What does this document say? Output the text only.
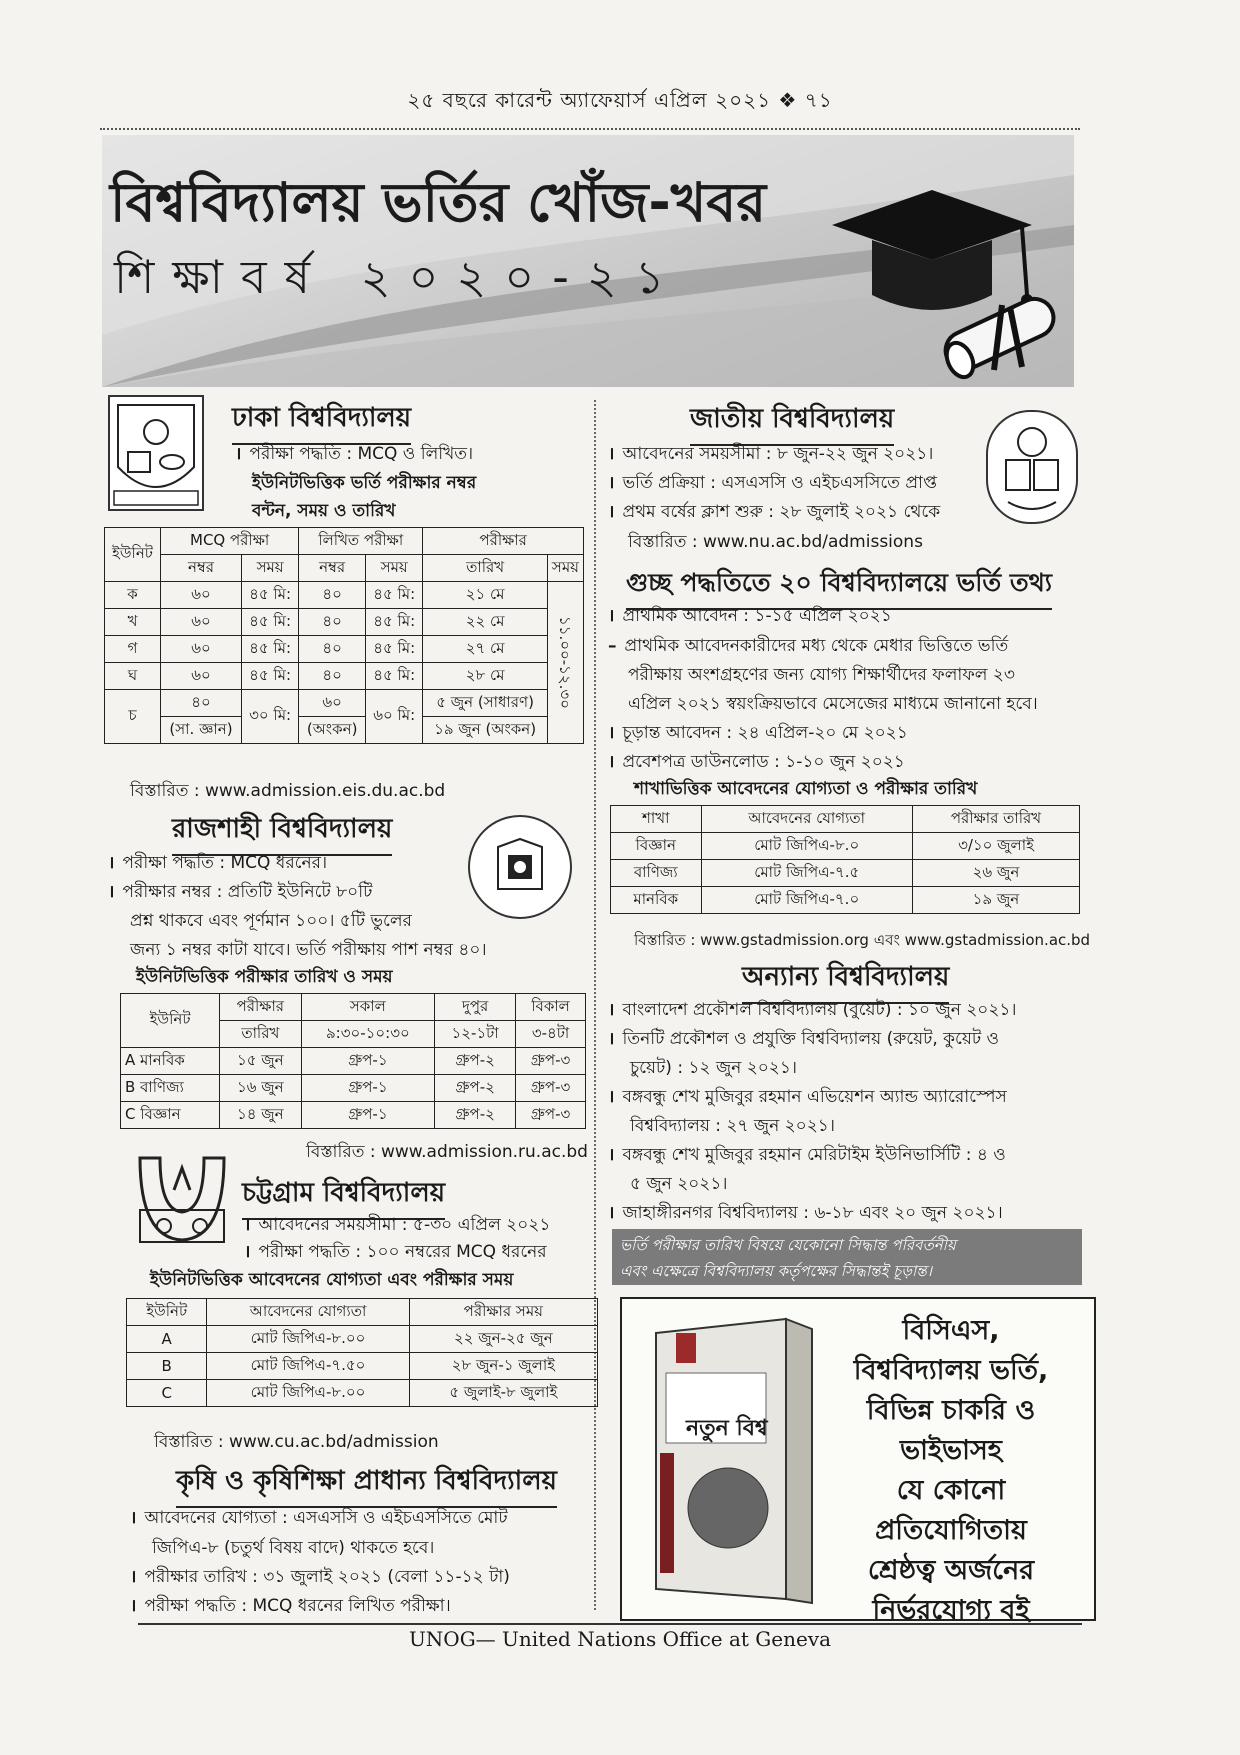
২৫ বছরে কারেন্ট অ্যাফেয়ার্স এপ্রিল ২০২১ ❖ ৭১
বিশ্ববিদ্যালয় ভর্তির খোঁজ-খবর
শিক্ষাবর্ষ ২০২০-২১
ঢাকা বিশ্ববিদ্যালয়
। পরীক্ষা পদ্ধতি : MCQ ও লিখিত।
ইউনিটভিত্তিক ভর্তি পরীক্ষার নম্বর
বন্টন, সময় ও তারিখ
ইউনিট	MCQ পরীক্ষা		লিখিত পরীক্ষা		পরীক্ষার	
	নম্বর	সময়	নম্বর	সময়	তারিখ	সময়
ক	৬০	৪৫ মি:	৪০	৪৫ মি:	২১ মে	১১.০০-১২.৩০

খ	৬০	৪৫ মি:	৪০	৪৫ মি:	২২ মে	
গ	৬০	৪৫ মি:	৪০	৪৫ মি:	২৭ মে	
ঘ	৬০	৪৫ মি:	৪০	৪৫ মি:	২৮ মে	
চ	৪০	৩০ মি:	৬০	৬০ মি:	৫ জুন (সাধারণ)	
	(সা. জ্ঞান)		(অংকন)		১৯ জুন (অংকন)	
বিস্তারিত : www.admission.eis.du.ac.bd
রাজশাহী বিশ্ববিদ্যালয়
। পরীক্ষা পদ্ধতি : MCQ ধরনের।
। পরীক্ষার নম্বর : প্রতিটি ইউনিটে ৮০টি
প্রশ্ন থাকবে এবং পূর্ণমান ১০০। ৫টি ভুলের
জন্য ১ নম্বর কাটা যাবে। ভর্তি পরীক্ষায় পাশ নম্বর ৪০।
ইউনিটভিত্তিক পরীক্ষার তারিখ ও সময়
ইউনিট	পরীক্ষার	সকাল	দুপুর	বিকাল
	তারিখ	৯:৩০-১০:৩০	১২-১টা	৩-৪টা
A মানবিক	১৫ জুন	গ্রুপ-১	গ্রুপ-২	গ্রুপ-৩
B বাণিজ্য	১৬ জুন	গ্রুপ-১	গ্রুপ-২	গ্রুপ-৩
C বিজ্ঞান	১৪ জুন	গ্রুপ-১	গ্রুপ-২	গ্রুপ-৩
বিস্তারিত : www.admission.ru.ac.bd
চট্টগ্রাম বিশ্ববিদ্যালয়
। আবেদনের সময়সীমা : ৫-৩০ এপ্রিল ২০২১
। পরীক্ষা পদ্ধতি : ১০০ নম্বরের MCQ ধরনের
ইউনিটভিত্তিক আবেদনের যোগ্যতা এবং পরীক্ষার সময়
ইউনিট	আবেদনের যোগ্যতা	পরীক্ষার সময়
A	মোট জিপিএ-৮.০০	২২ জুন-২৫ জুন
B	মোট জিপিএ-৭.৫০	২৮ জুন-১ জুলাই
C	মোট জিপিএ-৮.০০	৫ জুলাই-৮ জুলাই
বিস্তারিত : www.cu.ac.bd/admission
কৃষি ও কৃষিশিক্ষা প্রাধান্য বিশ্ববিদ্যালয়
। আবেদনের যোগ্যতা : এসএসসি ও এইচএসসিতে মোট
জিপিএ-৮ (চতুর্থ বিষয় বাদে) থাকতে হবে।
। পরীক্ষার তারিখ : ৩১ জুলাই ২০২১ (বেলা ১১-১২ টা)
। পরীক্ষা পদ্ধতি : MCQ ধরনের লিখিত পরীক্ষা।
জাতীয় বিশ্ববিদ্যালয়
। আবেদনের সময়সীমা : ৮ জুন-২২ জুন ২০২১।
। ভর্তি প্রক্রিয়া : এসএসসি ও এইচএসসিতে প্রাপ্ত
। প্রথম বর্ষের ক্লাশ শুরু : ২৮ জুলাই ২০২১ থেকে
বিস্তারিত : www.nu.ac.bd/admissions
গুচ্ছ পদ্ধতিতে ২০ বিশ্ববিদ্যালয়ে ভর্তি তথ্য
। প্রাথমিক আবেদন : ১-১৫ এপ্রিল ২০২১
– প্রাথমিক আবেদনকারীদের মধ্য থেকে মেধার ভিত্তিতে ভর্তি
পরীক্ষায় অংশগ্রহণের জন্য যোগ্য শিক্ষার্থীদের ফলাফল ২৩
এপ্রিল ২০২১ স্বয়ংক্রিয়ভাবে মেসেজের মাধ্যমে জানানো হবে।
। চূড়ান্ত আবেদন : ২৪ এপ্রিল-২০ মে ২০২১
। প্রবেশপত্র ডাউনলোড : ১-১০ জুন ২০২১
শাখাভিত্তিক আবেদনের যোগ্যতা ও পরীক্ষার তারিখ
শাখা	আবেদনের যোগ্যতা	পরীক্ষার তারিখ
বিজ্ঞান	মোট জিপিএ-৮.০	৩/১০ জুলাই
বাণিজ্য	মোট জিপিএ-৭.৫	২৬ জুন
মানবিক	মোট জিপিএ-৭.০	১৯ জুন
বিস্তারিত : www.gstadmission.org এবং www.gstadmission.ac.bd
অন্যান্য বিশ্ববিদ্যালয়
। বাংলাদেশ প্রকৌশল বিশ্ববিদ্যালয় (বুয়েট) : ১০ জুন ২০২১।
। তিনটি প্রকৌশল ও প্রযুক্তি বিশ্ববিদ্যালয় (রুয়েট, কুয়েট ও
চুয়েট) : ১২ জুন ২০২১।
। বঙ্গবন্ধু শেখ মুজিবুর রহমান এভিয়েশন অ্যান্ড অ্যারোস্পেস
বিশ্ববিদ্যালয় : ২৭ জুন ২০২১।
। বঙ্গবন্ধু শেখ মুজিবুর রহমান মেরিটাইম ইউনিভার্সিটি : ৪ ও
৫ জুন ২০২১।
। জাহাঙ্গীরনগর বিশ্ববিদ্যালয় : ৬-১৮ এবং ২০ জুন ২০২১।
ভর্তি পরীক্ষার তারিখ বিষয়ে যেকোনো সিদ্ধান্ত পরিবর্তনীয়
এবং এক্ষেত্রে বিশ্ববিদ্যালয় কর্তৃপক্ষের সিদ্ধান্তই চূড়ান্ত।
নতুন বিশ্ব
বিসিএস,
বিশ্ববিদ্যালয় ভর্তি,
বিভিন্ন চাকরি ও
ভাইভাসহ
যে কোনো
প্রতিযোগিতায়
শ্রেষ্ঠত্ব অর্জনের
নির্ভরযোগ্য বই
UNOG— United Nations Office at Geneva
